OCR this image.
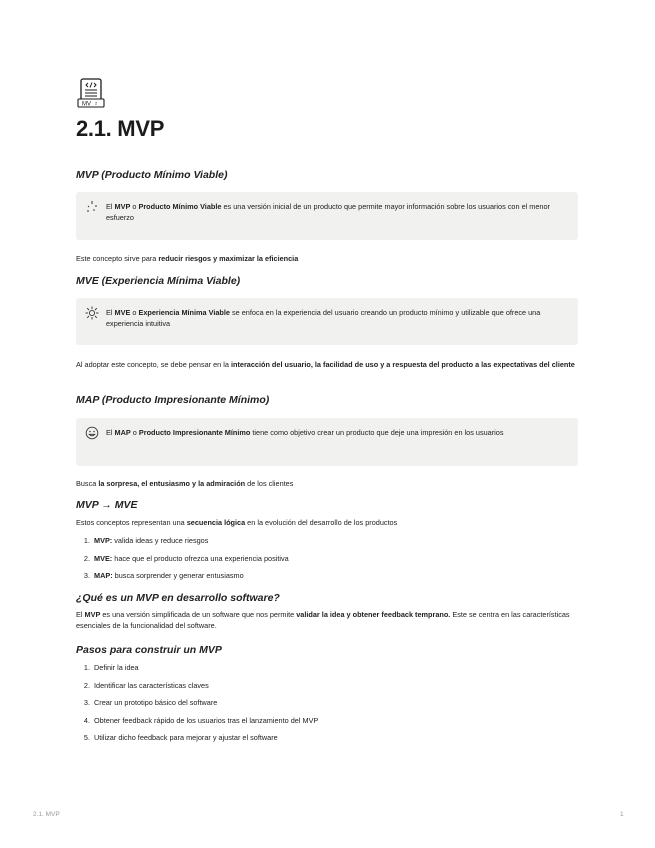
MV 2
2.1. MVP
MVP (Producto Mínimo Viable)
El MVP o Producto Mínimo Viable es una versión inicial de un producto que permite mayor información sobre los usuarios con el menor esfuerzo

Este concepto sirve para reducir riesgos y maximizar la eficiencia

MVE (Experiencia Mínima Viable)
El MVE o Experiencia Mínima Viable se enfoca en la experiencia del usuario creando un producto mínimo y utilizable que ofrece una experiencia intuitiva

Al adoptar este concepto, se debe pensar en la interacción del usuario, la facilidad de uso y a respuesta del producto a las expectativas del cliente

MAP (Producto Impresionante Mínimo)
El MAP o Producto Impresionante Mínimo tiene como objetivo crear un producto que deje una impresión en los usuarios

Busca la sorpresa, el entusiasmo y la admiración de los clientes

MVP → MVE

Estos conceptos representan una secuencia lógica en la evolución del desarrollo de los productos

1. MVP: valida ideas y reduce riesgos
2. MVE: hace que el producto ofrezca una experiencia positiva
3. MAP: busca sorprender y generar entusiasmo
¿Qué es un MVP en desarrollo software?

El MVP es una versión simplificada de un software que nos permite validar la idea y obtener feedback temprano. Este se centra en las características esenciales de la funcionalidad del software.

Pasos para construir un MVP
1. Definir la idea
2. Identificar las características claves
3. Crear un prototipo básico del software
4. Obtener feedback rápido de los usuarios tras el lanzamiento del MVP
5. Utilizar dicho feedback para mejorar y ajustar el software
2.1. MVP	1
